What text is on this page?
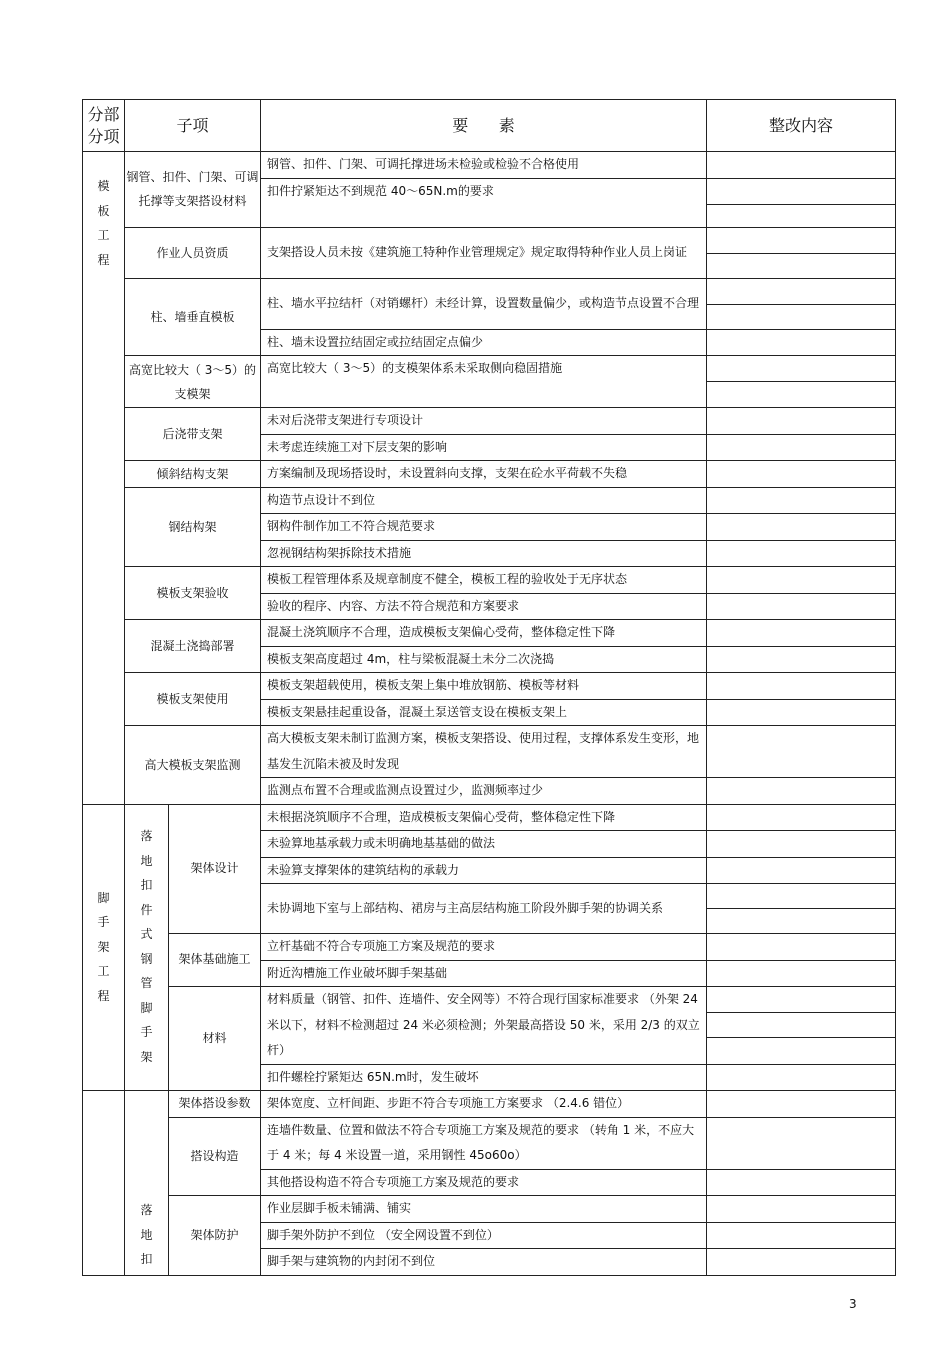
分部
分项	子项		要      素	整改内容
模板工程	钢管、扣件、门架、可调托撑等支架搭设材料		钢管、扣件、门架、可调托撑进场未检验或检验不合格使用	
			扣件拧紧矩达不到规范 40～65N.m的要求	

	作业人员资质		支架搭设人员未按《建筑施工特种作业管理规定》规定取得特种作业人员上岗证	

	柱、墙垂直模板		柱、墙水平拉结杆（对销螺杆）未经计算，设置数量偏少，或构造节点设置不合理	

			柱、墙未设置拉结固定或拉结固定点偏少	
	高宽比较大（ 3～5）的支模架		高宽比较大（ 3～5）的支模架体系未采取侧向稳固措施	

	后浇带支架		未对后浇带支架进行专项设计	
			未考虑连续施工对下层支架的影响	
	倾斜结构支架		方案编制及现场搭设时，未设置斜向支撑，支架在砼水平荷载不失稳	
	钢结构架		构造节点设计不到位	
			钢构件制作加工不符合规范要求	
			忽视钢结构架拆除技术措施	
	模板支架验收		模板工程管理体系及规章制度不健全，模板工程的验收处于无序状态	
			验收的程序、内容、方法不符合规范和方案要求	
	混凝土浇捣部署		混凝土浇筑顺序不合理，造成模板支架偏心受荷，整体稳定性下降	
			模板支架高度超过 4m，柱与梁板混凝土未分二次浇捣	
	模板支架使用		模板支架超载使用，模板支架上集中堆放钢筋、模板等材料	
			模板支架悬挂起重设备，混凝土泵送管支设在模板支架上	
	高大模板支架监测		高大模板支架未制订监测方案，模板支架搭设、使用过程，支撑体系发生变形，地基发生沉陷未被及时发现	
			监测点布置不合理或监测点设置过少，监测频率过少	
脚手架工程	落地扣件式钢管脚手架	架体设计	未根据浇筑顺序不合理，造成模板支架偏心受荷，整体稳定性下降	
			未验算地基承载力或未明确地基基础的做法	
			未验算支撑架体的建筑结构的承载力	
			未协调地下室与上部结构、裙房与主高层结构施工阶段外脚手架的协调关系	

		架体基础施工	立杆基础不符合专项施工方案及规范的要求	
			附近沟槽施工作业破坏脚手架基础	
		材料	材料质量（钢管、扣件、连墙件、安全网等）不符合现行国家标准要求 （外架 24 米以下，材料不检测超过 24 米必须检测；外架最高搭设 50 米，采用 2/3 的双立杆）	

			扣件螺栓拧紧矩达 65N.m时，发生破坏	
	落地扣	架体搭设参数	架体宽度、立杆间距、步距不符合专项施工方案要求 （2.4.6 错位）	
		搭设构造	连墙件数量、位置和做法不符合专项施工方案及规范的要求 （转角 1 米，不应大于 4 米；每 4 米设置一道，采用钢性 45o60o）	
			其他搭设构造不符合专项施工方案及规范的要求	
		架体防护	作业层脚手板未铺满、铺实	
			脚手架外防护不到位 （安全网设置不到位）	
			脚手架与建筑物的内封闭不到位	
3
